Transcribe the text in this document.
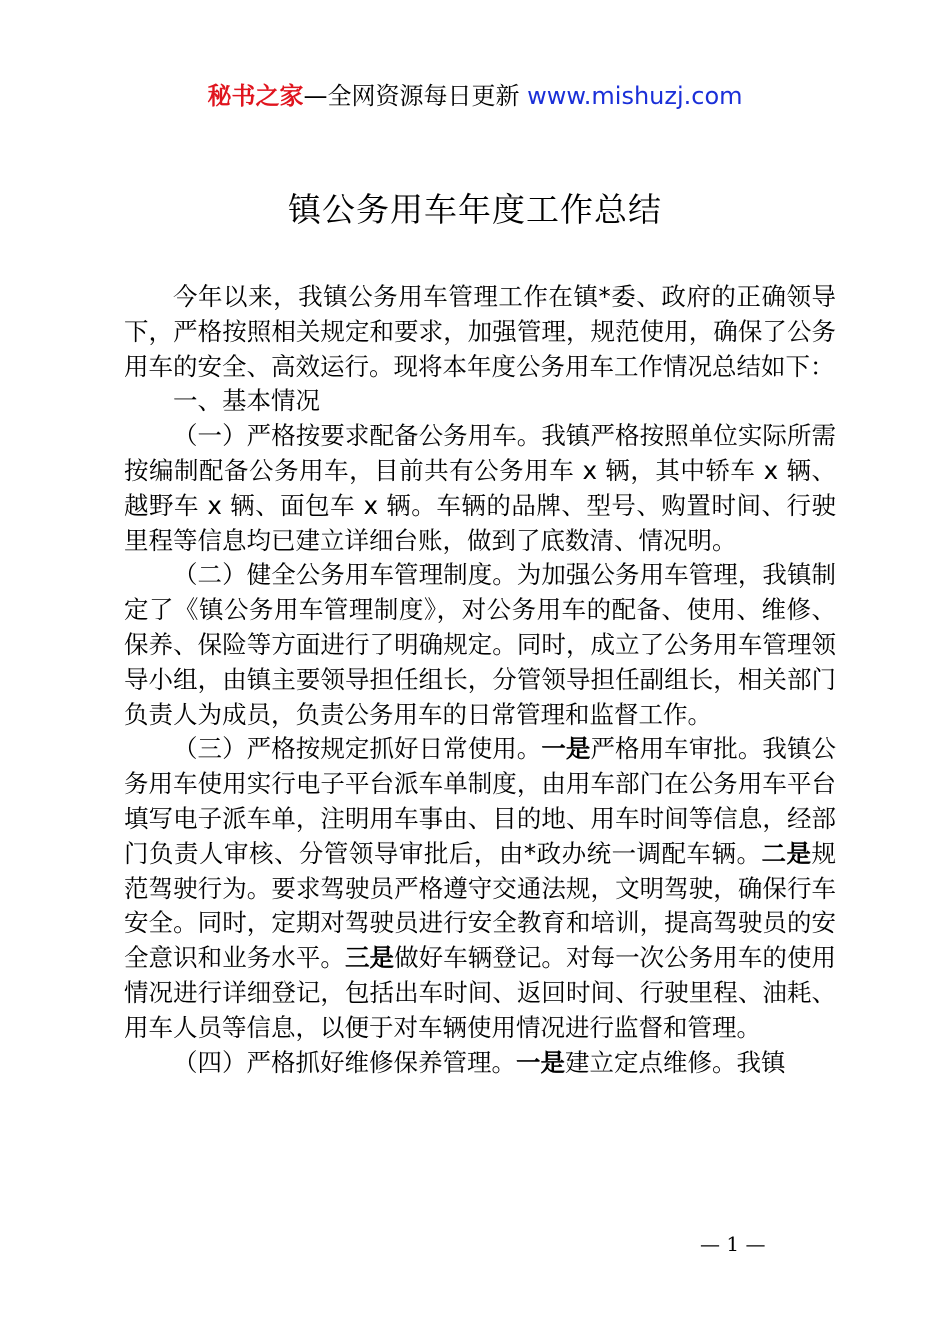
秘书之家—全网资源每日更新 www.mishuzj.com
镇公务用车年度工作总结

今年以来，我镇公务用车管理工作在镇*委、政府的正确领导下，严格按照相关规定和要求，加强管理，规范使用，确保了公务用车的安全、高效运行。现将本年度公务用车工作情况总结如下：

一、基本情况

（一）严格按要求配备公务用车。我镇严格按照单位实际所需按编制配备公务用车，目前共有公务用车 x 辆，其中轿车 x 辆、越野车 x 辆、面包车 x 辆。车辆的品牌、型号、购置时间、行驶里程等信息均已建立详细台账，做到了底数清、情况明。

（二）健全公务用车管理制度。为加强公务用车管理，我镇制定了《镇公务用车管理制度》，对公务用车的配备、使用、维修、保养、保险等方面进行了明确规定。同时，成立了公务用车管理领导小组，由镇主要领导担任组长，分管领导担任副组长，相关部门负责人为成员，负责公务用车的日常管理和监督工作。

（三）严格按规定抓好日常使用。一是严格用车审批。我镇公务用车使用实行电子平台派车单制度，由用车部门在公务用车平台填写电子派车单，注明用车事由、目的地、用车时间等信息，经部门负责人审核、分管领导审批后，由*政办统一调配车辆。二是规范驾驶行为。要求驾驶员严格遵守交通法规，文明驾驶，确保行车安全。同时，定期对驾驶员进行安全教育和培训，提高驾驶员的安全意识和业务水平。三是做好车辆登记。对每一次公务用车的使用情况进行详细登记，包括出车时间、返回时间、行驶里程、油耗、用车人员等信息，以便于对车辆使用情况进行监督和管理。

（四）严格抓好维修保养管理。一是建立定点维修。我镇

— 1 —
